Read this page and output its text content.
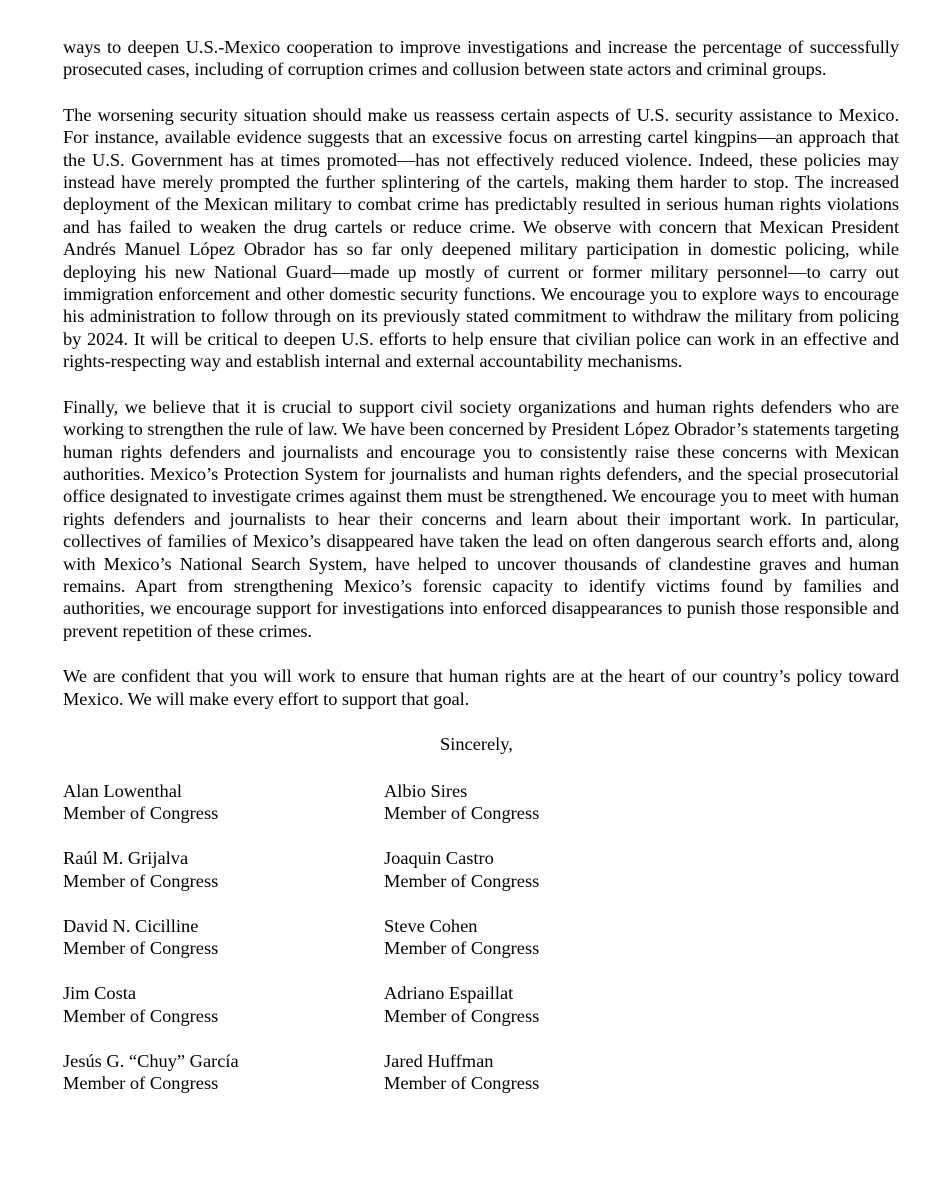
ways to deepen U.S.-Mexico cooperation to improve investigations and increase the percentage of successfully prosecuted cases, including of corruption crimes and collusion between state actors and criminal groups.

The worsening security situation should make us reassess certain aspects of U.S. security assistance to Mexico. For instance, available evidence suggests that an excessive focus on arresting cartel kingpins—an approach that the U.S. Government has at times promoted—has not effectively reduced violence. Indeed, these policies may instead have merely prompted the further splintering of the cartels, making them harder to stop. The increased deployment of the Mexican military to combat crime has predictably resulted in serious human rights violations and has failed to weaken the drug cartels or reduce crime. We observe with concern that Mexican President Andrés Manuel López Obrador has so far only deepened military participation in domestic policing, while deploying his new National Guard—made up mostly of current or former military personnel—to carry out immigration enforcement and other domestic security functions. We encourage you to explore ways to encourage his administration to follow through on its previously stated commitment to withdraw the military from policing by 2024. It will be critical to deepen U.S. efforts to help ensure that civilian police can work in an effective and rights-respecting way and establish internal and external accountability mechanisms.

Finally, we believe that it is crucial to support civil society organizations and human rights defenders who are working to strengthen the rule of law. We have been concerned by President López Obrador’s statements targeting human rights defenders and journalists and encourage you to consistently raise these concerns with Mexican authorities. Mexico’s Protection System for journalists and human rights defenders, and the special prosecutorial office designated to investigate crimes against them must be strengthened. We encourage you to meet with human rights defenders and journalists to hear their concerns and learn about their important work. In particular, collectives of families of Mexico’s disappeared have taken the lead on often dangerous search efforts and, along with Mexico’s National Search System, have helped to uncover thousands of clandestine graves and human remains. Apart from strengthening Mexico’s forensic capacity to identify victims found by families and authorities, we encourage support for investigations into enforced disappearances to punish those responsible and prevent repetition of these crimes.

We are confident that you will work to ensure that human rights are at the heart of our country’s policy toward Mexico. We will make every effort to support that goal.

Sincerely,

Alan Lowenthal
Member of Congress
Albio Sires
Member of Congress
Raúl M. Grijalva
Member of Congress
Joaquin Castro
Member of Congress
David N. Cicilline
Member of Congress
Steve Cohen
Member of Congress
Jim Costa
Member of Congress
Adriano Espaillat
Member of Congress
Jesús G. “Chuy” García
Member of Congress
Jared Huffman
Member of Congress
